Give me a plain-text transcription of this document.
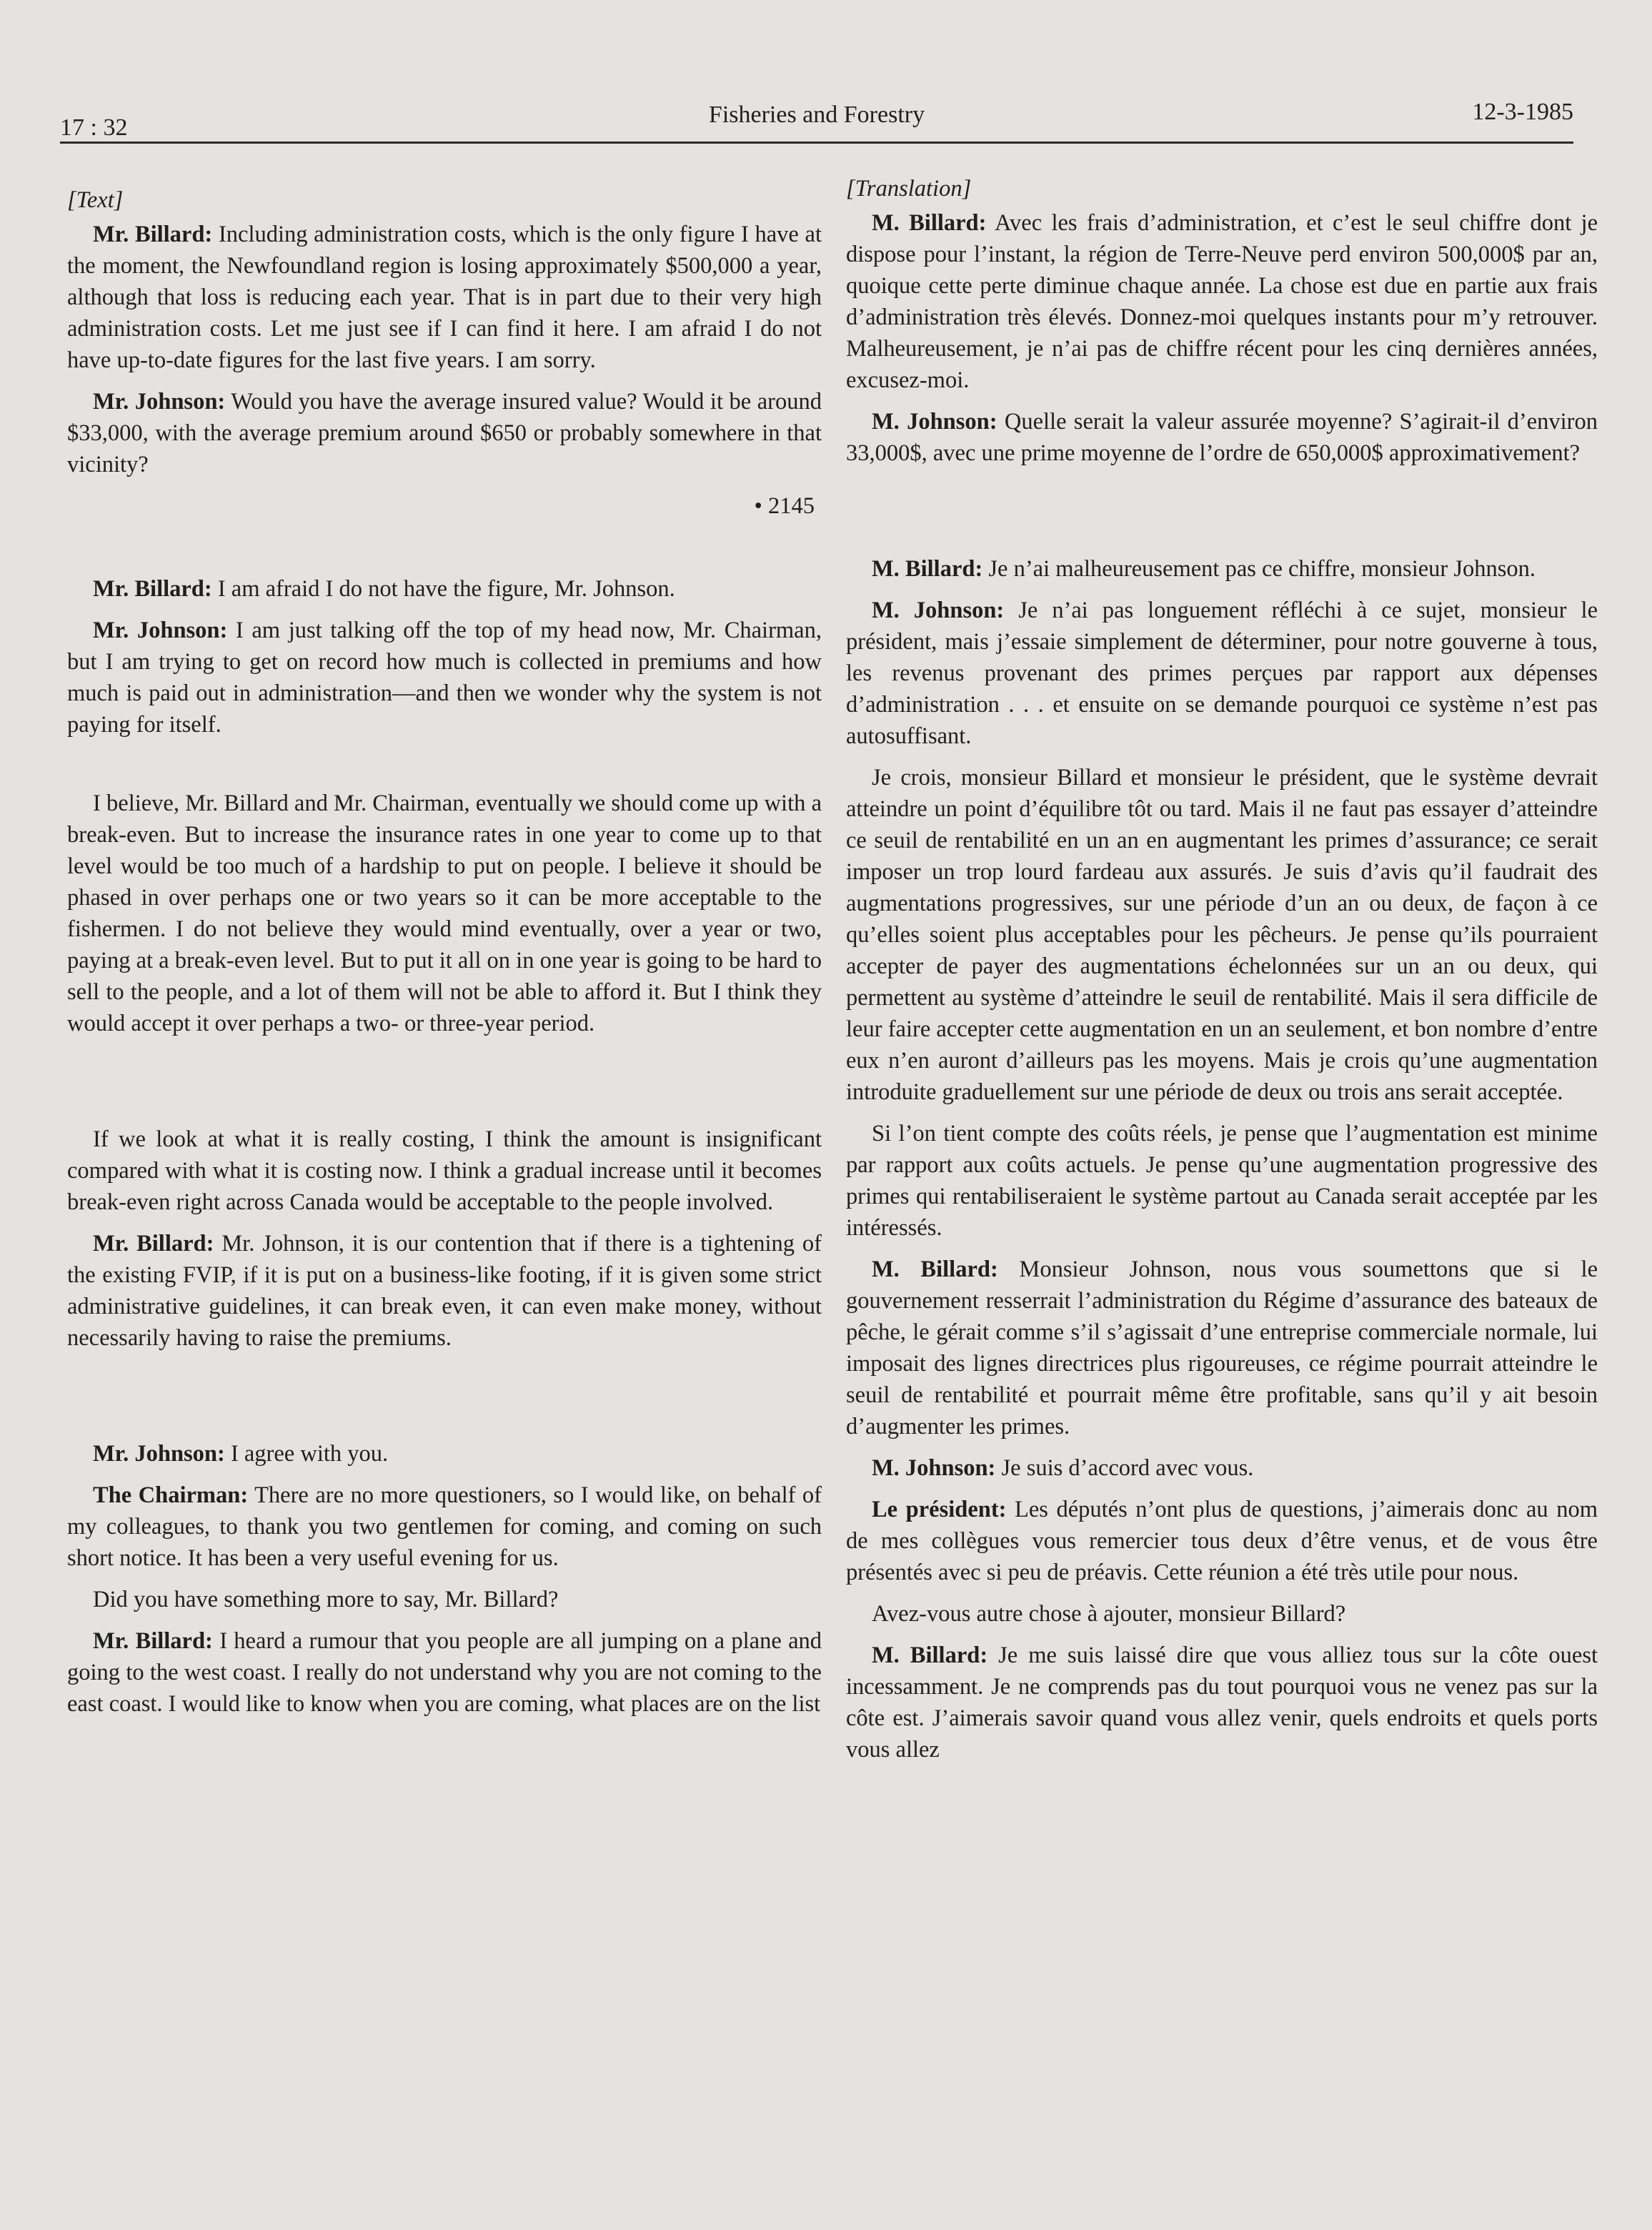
17 : 32	Fisheries and Forestry	12-3-1985

[Text]

Mr. Billard: Including administration costs, which is the only figure I have at the moment, the Newfoundland region is losing approximately $500,000 a year, although that loss is reducing each year. That is in part due to their very high administration costs. Let me just see if I can find it here. I am afraid I do not have up-to-date figures for the last five years. I am sorry.

Mr. Johnson: Would you have the average insured value? Would it be around $33,000, with the average premium around $650 or probably somewhere in that vicinity?

• 2145

Mr. Billard: I am afraid I do not have the figure, Mr. Johnson.

Mr. Johnson: I am just talking off the top of my head now, Mr. Chairman, but I am trying to get on record how much is collected in premiums and how much is paid out in administration—and then we wonder why the system is not paying for itself.

I believe, Mr. Billard and Mr. Chairman, eventually we should come up with a break-even. But to increase the insurance rates in one year to come up to that level would be too much of a hardship to put on people. I believe it should be phased in over perhaps one or two years so it can be more acceptable to the fishermen. I do not believe they would mind eventually, over a year or two, paying at a break-even level. But to put it all on in one year is going to be hard to sell to the people, and a lot of them will not be able to afford it. But I think they would accept it over perhaps a two- or three-year period.

If we look at what it is really costing, I think the amount is insignificant compared with what it is costing now. I think a gradual increase until it becomes break-even right across Canada would be acceptable to the people involved.

Mr. Billard: Mr. Johnson, it is our contention that if there is a tightening of the existing FVIP, if it is put on a business-like footing, if it is given some strict administrative guidelines, it can break even, it can even make money, without necessarily having to raise the premiums.

Mr. Johnson: I agree with you.

The Chairman: There are no more questioners, so I would like, on behalf of my colleagues, to thank you two gentlemen for coming, and coming on such short notice. It has been a very useful evening for us.

Did you have something more to say, Mr. Billard?

Mr. Billard: I heard a rumour that you people are all jumping on a plane and going to the west coast. I really do not understand why you are not coming to the east coast. I would like to know when you are coming, what places are on the list

[Translation]

M. Billard: Avec les frais d’administration, et c’est le seul chiffre dont je dispose pour l’instant, la région de Terre-Neuve perd environ 500,000$ par an, quoique cette perte diminue chaque année. La chose est due en partie aux frais d’administration très élevés. Donnez-moi quelques instants pour m’y retrouver. Malheureusement, je n’ai pas de chiffre récent pour les cinq dernières années, excusez-moi.

M. Johnson: Quelle serait la valeur assurée moyenne? S’agirait-il d’environ 33,000$, avec une prime moyenne de l’ordre de 650,000$ approximativement?

M. Billard: Je n’ai malheureusement pas ce chiffre, monsieur Johnson.

M. Johnson: Je n’ai pas longuement réfléchi à ce sujet, monsieur le président, mais j’essaie simplement de déterminer, pour notre gouverne à tous, les revenus provenant des primes perçues par rapport aux dépenses d’administration . . . et ensuite on se demande pourquoi ce système n’est pas autosuffisant.

Je crois, monsieur Billard et monsieur le président, que le système devrait atteindre un point d’équilibre tôt ou tard. Mais il ne faut pas essayer d’atteindre ce seuil de rentabilité en un an en augmentant les primes d’assurance; ce serait imposer un trop lourd fardeau aux assurés. Je suis d’avis qu’il faudrait des augmentations progressives, sur une période d’un an ou deux, de façon à ce qu’elles soient plus acceptables pour les pêcheurs. Je pense qu’ils pourraient accepter de payer des augmentations échelonnées sur un an ou deux, qui permettent au système d’atteindre le seuil de rentabilité. Mais il sera difficile de leur faire accepter cette augmentation en un an seulement, et bon nombre d’entre eux n’en auront d’ailleurs pas les moyens. Mais je crois qu’une augmentation introduite graduellement sur une période de deux ou trois ans serait acceptée.

Si l’on tient compte des coûts réels, je pense que l’augmentation est minime par rapport aux coûts actuels. Je pense qu’une augmentation progressive des primes qui rentabiliseraient le système partout au Canada serait acceptée par les intéressés.

M. Billard: Monsieur Johnson, nous vous soumettons que si le gouvernement resserrait l’administration du Régime d’assurance des bateaux de pêche, le gérait comme s’il s’agissait d’une entreprise commerciale normale, lui imposait des lignes directrices plus rigoureuses, ce régime pourrait atteindre le seuil de rentabilité et pourrait même être profitable, sans qu’il y ait besoin d’augmenter les primes.

M. Johnson: Je suis d’accord avec vous.

Le président: Les députés n’ont plus de questions, j’aimerais donc au nom de mes collègues vous remercier tous deux d’être venus, et de vous être présentés avec si peu de préavis. Cette réunion a été très utile pour nous.

Avez-vous autre chose à ajouter, monsieur Billard?

M. Billard: Je me suis laissé dire que vous alliez tous sur la côte ouest incessamment. Je ne comprends pas du tout pourquoi vous ne venez pas sur la côte est. J’aimerais savoir quand vous allez venir, quels endroits et quels ports vous allez
